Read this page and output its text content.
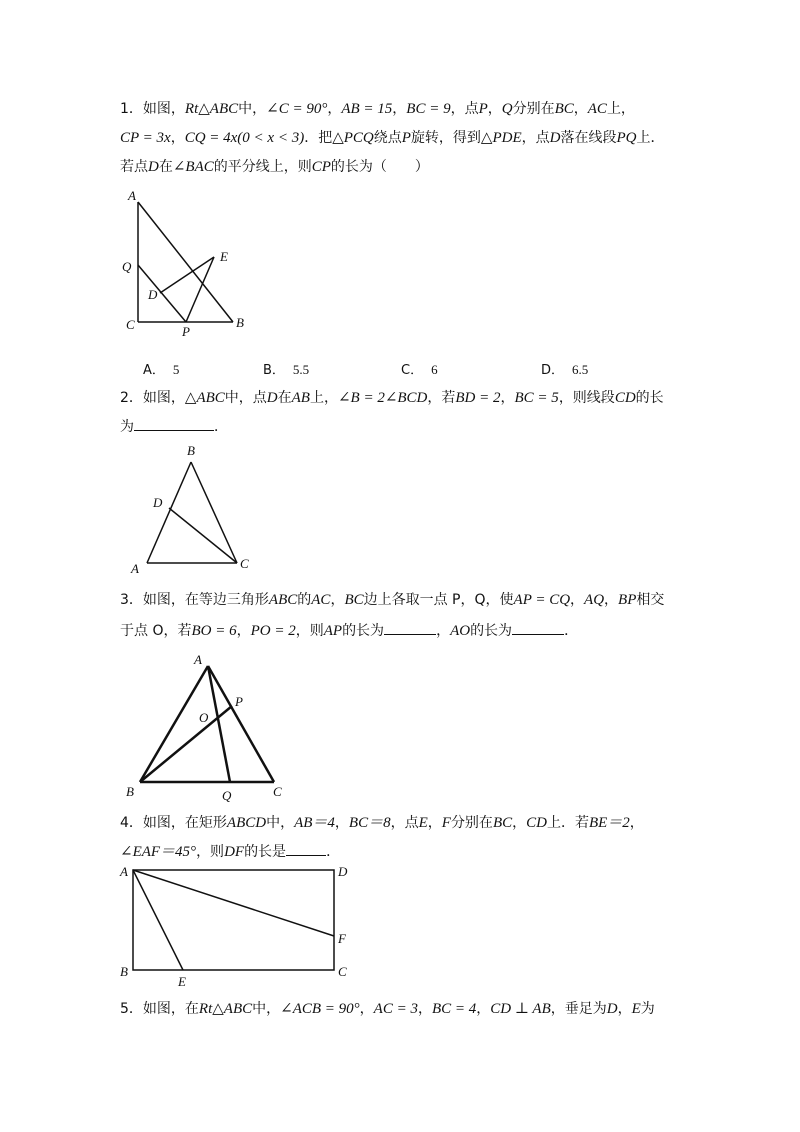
1．如图，Rt△ABC中，∠C = 90°，AB = 15，BC = 9，点P，Q分别在BC，AC上，
CP = 3x，CQ = 4x(0 < x < 3)．把△PCQ绕点P旋转，得到△PDE，点D落在线段PQ上．
若点D在∠BAC的平分线上，则CP的长为（　　）
A
Q
E
D
C	P
B
A． 5	B． 5.5	C． 6	D． 6.5
2．如图，△ABC中，点D在AB上，∠B = 2∠BCD，若BD = 2，BC = 5，则线段CD的长
为	．
B
D
A	C
3．如图，在等边三角形ABC的AC，BC边上各取一点 P，Q，使AP = CQ，AQ，BP相交
于点 O，若BO = 6，PO = 2，则AP的长为	，AO的长为	．
A
P
O
B	Q	C
4．如图，在矩形ABCD中，AB＝4，BC＝8，点E，F分别在BC，CD上．若BE＝2，
∠EAF＝45°，则DF的长是	．
A	D
F
B
E
C
5．如图，在Rt△ABC中，∠ACB = 90°，AC = 3，BC = 4，CD ⊥ AB，垂足为D，E为
